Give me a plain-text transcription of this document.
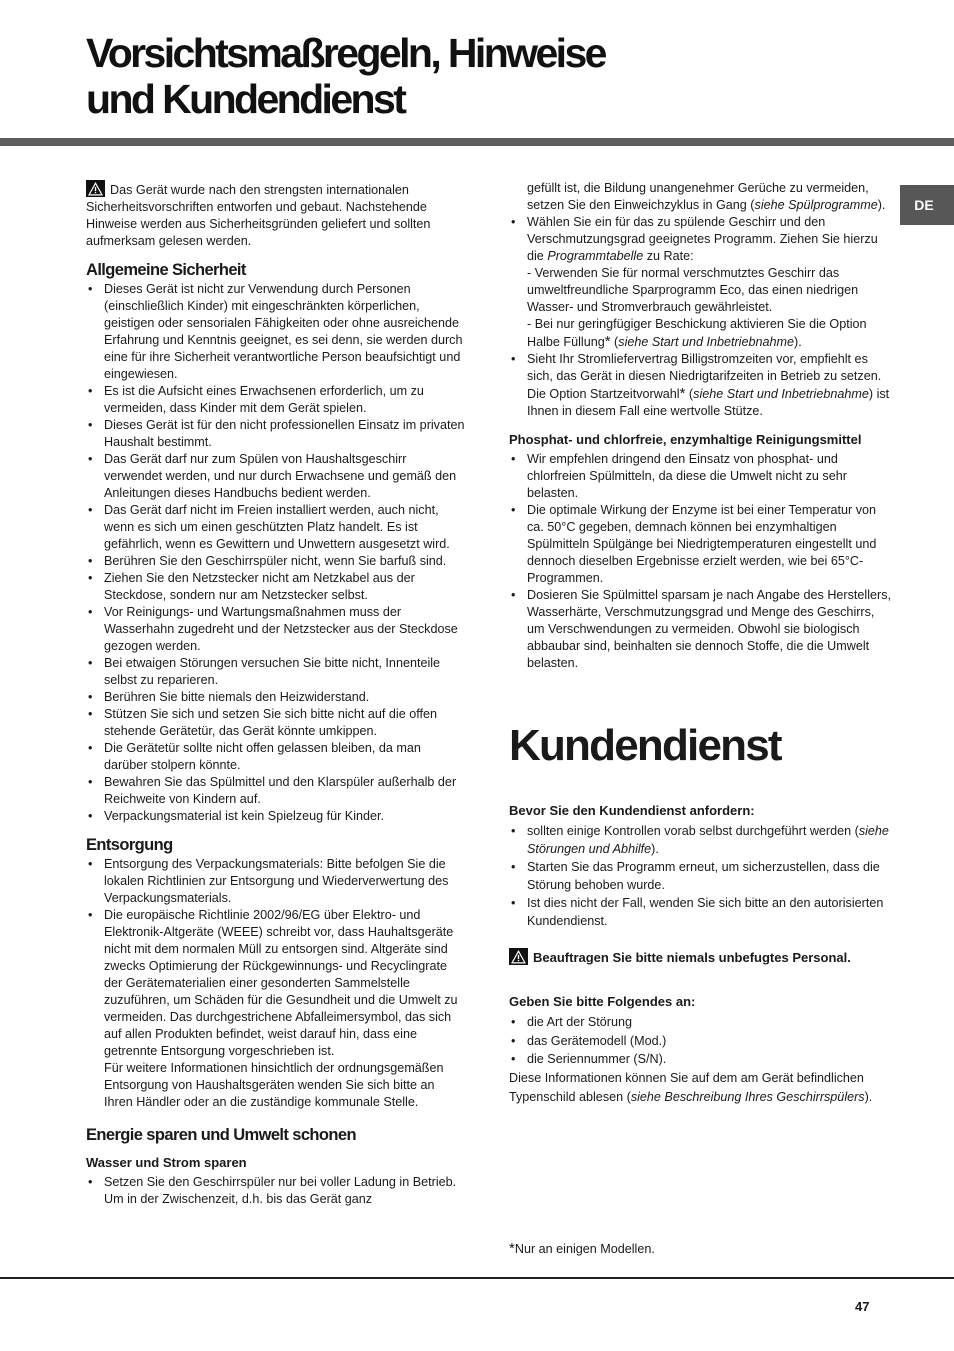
Vorsichtsmaßregeln, Hinweise
und Kundendienst
DE

Das Gerät wurde nach den strengsten internationalen Sicherheitsvorschriften entworfen und gebaut. Nachstehende Hinweise werden aus Sicherheitsgründen geliefert und sollten aufmerksam gelesen werden.

Allgemeine Sicherheit
• Dieses Gerät ist nicht zur Verwendung durch Personen (einschließlich Kinder) mit eingeschränkten körperlichen, geistigen oder sensorialen Fähigkeiten oder ohne ausreichende Erfahrung und Kenntnis geeignet, es sei denn, sie werden durch eine für ihre Sicherheit verantwortliche Person beaufsichtigt und eingewiesen.
• Es ist die Aufsicht eines Erwachsenen erforderlich, um zu vermeiden, dass Kinder mit dem Gerät spielen.
• Dieses Gerät ist für den nicht professionellen Einsatz im privaten Haushalt bestimmt.
• Das Gerät darf nur zum Spülen von Haushaltsgeschirr verwendet werden, und nur durch Erwachsene und gemäß den Anleitungen dieses Handbuchs bedient werden.
• Das Gerät darf nicht im Freien installiert werden, auch nicht, wenn es sich um einen geschützten Platz handelt. Es ist gefährlich, wenn es Gewittern und Unwettern ausgesetzt wird.
• Berühren Sie den Geschirrspüler nicht, wenn Sie barfuß sind.
• Ziehen Sie den Netzstecker nicht am Netzkabel aus der Steckdose, sondern nur am Netzstecker selbst.
• Vor Reinigungs- und Wartungsmaßnahmen muss der Wasserhahn zugedreht und der Netzstecker aus der Steckdose gezogen werden.
• Bei etwaigen Störungen versuchen Sie bitte nicht, Innenteile selbst zu reparieren.
• Berühren Sie bitte niemals den Heizwiderstand.
• Stützen Sie sich und setzen Sie sich bitte nicht auf die offen stehende Gerätetür, das Gerät könnte umkippen.
• Die Gerätetür sollte nicht offen gelassen bleiben, da man darüber stolpern könnte.
• Bewahren Sie das Spülmittel und den Klarspüler außerhalb der Reichweite von Kindern auf.
• Verpackungsmaterial ist kein Spielzeug für Kinder.
Entsorgung
• Entsorgung des Verpackungsmaterials: Bitte befolgen Sie die lokalen Richtlinien zur Entsorgung und Wiederverwertung des Verpackungsmaterials.
• Die europäische Richtlinie 2002/96/EG über Elektro- und Elektronik-Altgeräte (WEEE) schreibt vor, dass Hauhaltsgeräte nicht mit dem normalen Müll zu entsorgen sind. Altgeräte sind zwecks Optimierung der Rückgewinnungs- und Recyclingrate der Gerätematerialien einer gesonderten Sammelstelle zuzuführen, um Schäden für die Gesundheit und die Umwelt zu vermeiden. Das durchgestrichene Abfalleimersymbol, das sich auf allen Produkten befindet, weist darauf hin, dass eine getrennte Entsorgung vorgeschrieben ist.
Für weitere Informationen hinsichtlich der ordnungsgemäßen Entsorgung von Haushaltsgeräten wenden Sie sich bitte an Ihren Händler oder an die zuständige kommunale Stelle.
Energie sparen und Umwelt schonen
Wasser und Strom sparen
• Setzen Sie den Geschirrspüler nur bei voller Ladung in Betrieb. Um in der Zwischenzeit, d.h. bis das Gerät ganz

gefüllt ist, die Bildung unangenehmer Gerüche zu vermeiden, setzen Sie den Einweichzyklus in Gang (siehe Spülprogramme).

• Wählen Sie ein für das zu spülende Geschirr und den Verschmutzungsgrad geeignetes Programm. Ziehen Sie hierzu die Programmtabelle zu Rate:
- Verwenden Sie für normal verschmutztes Geschirr das umweltfreundliche Sparprogramm Eco, das einen niedrigen Wasser- und Stromverbrauch gewährleistet.
- Bei nur geringfügiger Beschickung aktivieren Sie die Option Halbe Füllung* (siehe Start und Inbetriebnahme).
• Sieht Ihr Stromliefervertrag Billigstromzeiten vor, empfiehlt es sich, das Gerät in diesen Niedrigtarifzeiten in Betrieb zu setzen. Die Option Startzeitvorwahl* (siehe Start und Inbetriebnahme) ist Ihnen in diesem Fall eine wertvolle Stütze.
Phosphat- und chlorfreie, enzymhaltige Reinigungsmittel
• Wir empfehlen dringend den Einsatz von phosphat- und chlorfreien Spülmitteln, da diese die Umwelt nicht zu sehr belasten.
• Die optimale Wirkung der Enzyme ist bei einer Temperatur von ca. 50°C gegeben, demnach können bei enzymhaltigen Spülmitteln Spülgänge bei Niedrigtemperaturen eingestellt und dennoch dieselben Ergebnisse erzielt werden, wie bei 65°C-Programmen.
• Dosieren Sie Spülmittel sparsam je nach Angabe des Herstellers, Wasserhärte, Verschmutzungsgrad und Menge des Geschirrs, um Verschwendungen zu vermeiden. Obwohl sie biologisch abbaubar sind, beinhalten sie dennoch Stoffe, die die Umwelt belasten.
Kundendienst
Bevor Sie den Kundendienst anfordern:
• sollten einige Kontrollen vorab selbst durchgeführt werden (siehe Störungen und Abhilfe).
• Starten Sie das Programm erneut, um sicherzustellen, dass die Störung behoben wurde.
• Ist dies nicht der Fall, wenden Sie sich bitte an den autorisierten Kundendienst.

Beauftragen Sie bitte niemals unbefugtes Personal.

Geben Sie bitte Folgendes an:
• die Art der Störung
• das Gerätemodell (Mod.)
• die Seriennummer (S/N).

Diese Informationen können Sie auf dem am Gerät befindlichen Typenschild ablesen (siehe Beschreibung Ihres Geschirrspülers).

*Nur an einigen Modellen.
47
